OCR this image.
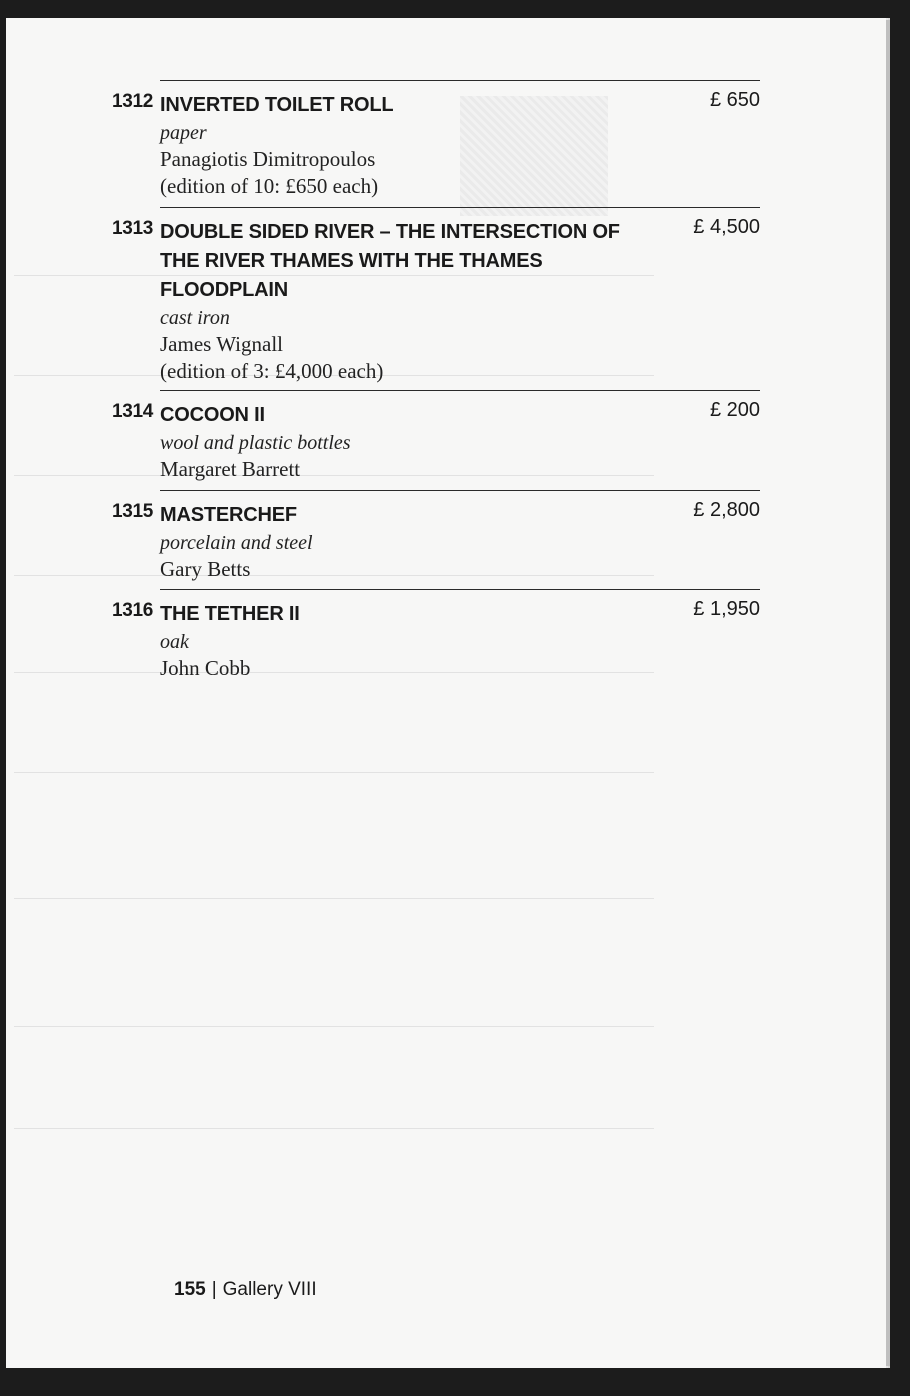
1312 INVERTED TOILET ROLL
paper
Panagiotis Dimitropoulos
(edition of 10: £650 each)
£ 650
1313 DOUBLE SIDED RIVER – THE INTERSECTION OF THE RIVER THAMES WITH THE THAMES FLOODPLAIN
cast iron
James Wignall
(edition of 3: £4,000 each)
£ 4,500
1314 COCOON II
wool and plastic bottles
Margaret Barrett
£ 200
1315 MASTERCHEF
porcelain and steel
Gary Betts
£ 2,800
1316 THE TETHER II
oak
John Cobb
£ 1,950
155 | Gallery VIII
